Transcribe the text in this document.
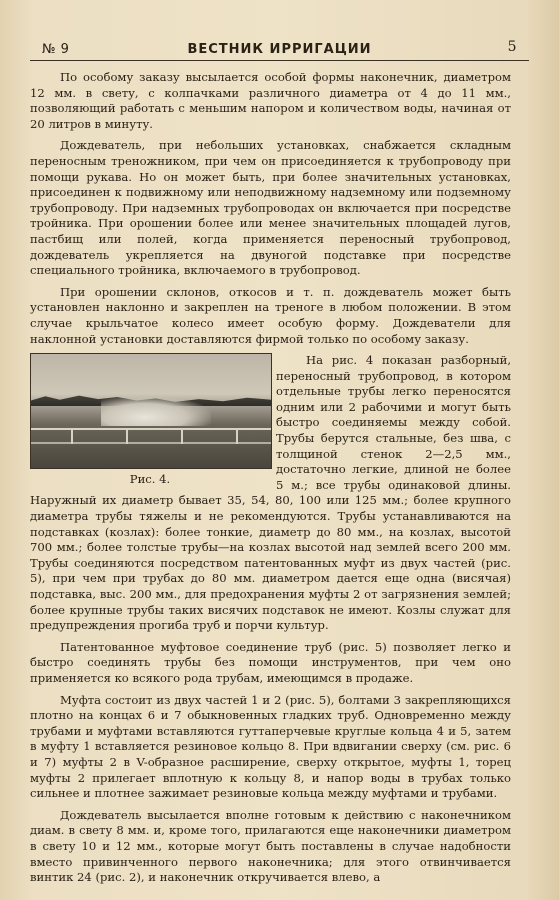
№ 9	ВЕСТНИК ИРРИГАЦИИ	5

По особому заказу высылается особой формы наконечник, диаметром 12 мм. в свету, с колпачками различного диаметра от 4 до 11 мм., позволяющий работать с меньшим напором и количеством воды, начиная от 20 литров в минуту.

Дождеватель, при небольших установках, снабжается складным переносным треножником, при чем он присоединяется к трубопроводу при помощи рукава. Но он может быть, при более значительных установках, присоединен к подвижному или неподвижному надземному или подземному трубопроводу. При надземных трубопроводах он включается при посредстве тройника. При орошении более или менее значительных площадей лугов, пастбищ или полей, когда применяется переносный трубопровод, дождеватель укрепляется на двуногой подставке при посредстве специального тройника, включаемого в трубопровод.

При орошении склонов, откосов и т. п. дождеватель может быть установлен наклонно и закреплен на треноге в любом положении. В этом случае крыльчатое колесо имеет особую форму. Дождеватели для наклонной установки доставляются фирмой только по особому заказу.

Рис. 4.

На рис. 4 показан разборный, переносный трубопровод, в котором отдельные трубы легко переносятся одним или 2 рабочими и могут быть быстро соединяемы между собой. Трубы берутся стальные, без шва, с толщиной стенок 2—2,5 мм., достаточно легкие, длиной не более 5 м.; все трубы одинаковой длины. Наружный их диаметр бывает 35, 54, 80, 100 или 125 мм.; более крупного диаметра трубы тяжелы и не рекомендуются. Трубы устанавливаются на подставках (козлах): более тонкие, диаметр до 80 мм., на козлах, высотой 700 мм.; более толстые трубы—на козлах высотой над землей всего 200 мм. Трубы соединяются посредством патентованных муфт из двух частей (рис. 5), при чем при трубах до 80 мм. диаметром дается еще одна (висячая) подставка, выс. 200 мм., для предохранения муфты 2 от загрязнения землей; более крупные трубы таких висячих подставок не имеют. Козлы служат для предупреждения прогиба труб и порчи культур.

Патентованное муфтовое соединение труб (рис. 5) позволяет легко и быстро соединять трубы без помощи инструментов, при чем оно применяется ко всякого рода трубам, имеющимся в продаже.

Муфта состоит из двух частей 1 и 2 (рис. 5), болтами 3 закрепляющихся плотно на концах 6 и 7 обыкновенных гладких труб. Одновременно между трубами и муфтами вставляются гуттаперчевые круглые кольца 4 и 5, затем в муфту 1 вставляется резиновое кольцо 8. При вдвигании сверху (см. рис. 6 и 7) муфты 2 в V-образное расширение, сверху открытое, муфты 1, торец муфты 2 прилегает вплотную к кольцу 8, и напор воды в трубах только сильнее и плотнее зажимает резиновые кольца между муфтами и трубами.

Дождеватель высылается вполне готовым к действию с наконечником диам. в свету 8 мм. и, кроме того, прилагаются еще наконечники диаметром в свету 10 и 12 мм., которые могут быть поставлены в случае надобности вместо привинченного первого наконечника; для этого отвинчивается винтик 24 (рис. 2), и наконечник откручивается влево, а
